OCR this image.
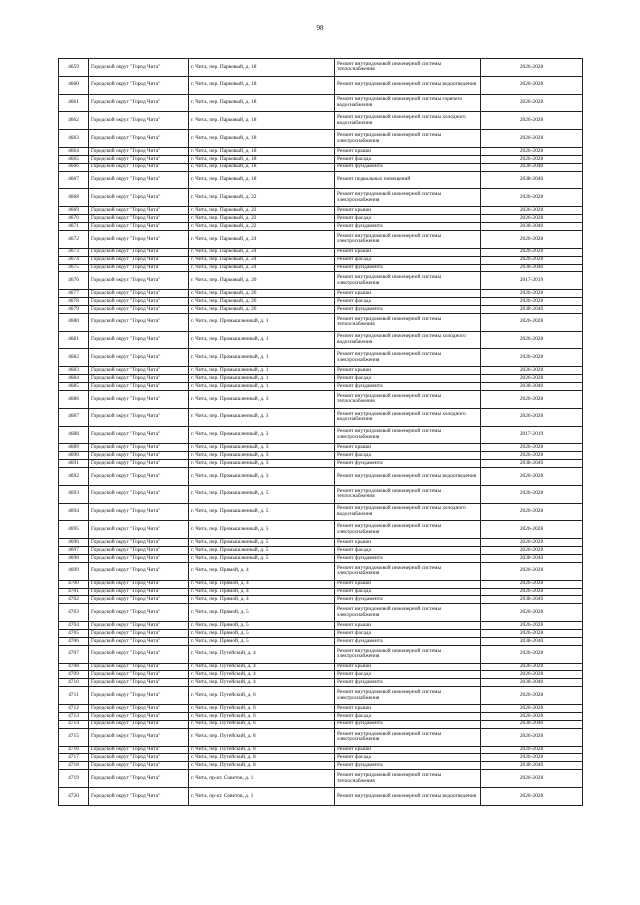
98
4659	Городской округ "Город Чита"	г. Чита, пер. Парковый, д. 18	Ремонт внутридомовой инженерной системы теплоснабжения	2026-2028
4660	Городской округ "Город Чита"	г. Чита, пер. Парковый, д. 18	Ремонт внутридомовой инженерной системы водоотведения	2026-2028
4661	Городской округ "Город Чита"	г. Чита, пер. Парковый, д. 18	Ремонт внутридомовой инженерной системы горячего водоснабжения	2026-2028
4662	Городской округ "Город Чита"	г. Чита, пер. Парковый, д. 18	Ремонт внутридомовой инженерной системы холодного водоснабжения	2026-2028
4663	Городской округ "Город Чита"	г. Чита, пер. Парковый, д. 18	Ремонт внутридомовой инженерной системы электроснабжения	2026-2028
4664	Городской округ "Город Чита"	г. Чита, пер. Парковый, д. 18	Ремонт крыши	2026-2028
4665	Городской округ "Город Чита"	г. Чита, пер. Парковый, д. 18	Ремонт фасада	2026-2028
4666	Городской округ "Город Чита"	г. Чита, пер. Парковый, д. 18	Ремонт фундамента	2038-2040
4667	Городской округ "Город Чита"	г. Чита, пер. Парковый, д. 18	Ремонт подвальных помещений	2038-2040
4668	Городской округ "Город Чита"	г. Чита, пер. Парковый, д. 22	Ремонт внутридомовой инженерной системы электроснабжения	2026-2028
4669	Городской округ "Город Чита"	г. Чита, пер. Парковый, д. 22	Ремонт крыши	2026-2028
4670	Городской округ "Город Чита"	г. Чита, пер. Парковый, д. 22	Ремонт фасада	2026-2028
4671	Городской округ "Город Чита"	г. Чита, пер. Парковый, д. 22	Ремонт фундамента	2038-2040
4672	Городской округ "Город Чита"	г. Чита, пер. Парковый, д. 24	Ремонт внутридомовой инженерной системы электроснабжения	2026-2028
4673	Городской округ "Город Чита"	г. Чита, пер. Парковый, д. 24	Ремонт крыши	2026-2028
4674	Городской округ "Город Чита"	г. Чита, пер. Парковый, д. 24	Ремонт фасада	2026-2028
4675	Городской округ "Город Чита"	г. Чита, пер. Парковый, д. 24	Ремонт фундамента	2038-2040
4676	Городской округ "Город Чита"	г. Чита, пер. Парковый, д. 26	Ремонт внутридомовой инженерной системы электроснабжения	2017-2019
4677	Городской округ "Город Чита"	г. Чита, пер. Парковый, д. 26	Ремонт крыши	2026-2028
4678	Городской округ "Город Чита"	г. Чита, пер. Парковый, д. 26	Ремонт фасада	2026-2028
4679	Городской округ "Город Чита"	г. Чита, пер. Парковый, д. 26	Ремонт фундамента	2038-2040
4680	Городской округ "Город Чита"	г. Чита, пер. Промышленный, д. 1	Ремонт внутридомовой инженерной системы теплоснабжения	2026-2028
4681	Городской округ "Город Чита"	г. Чита, пер. Промышленный, д. 1	Ремонт внутридомовой инженерной системы холодного водоснабжения	2026-2028
4682	Городской округ "Город Чита"	г. Чита, пер. Промышленный, д. 1	Ремонт внутридомовой инженерной системы электроснабжения	2026-2028
4683	Городской округ "Город Чита"	г. Чита, пер. Промышленный, д. 1	Ремонт крыши	2026-2028
4684	Городской округ "Город Чита"	г. Чита, пер. Промышленный, д. 1	Ремонт фасада	2026-2028
4685	Городской округ "Город Чита"	г. Чита, пер. Промышленный, д. 1	Ремонт фундамента	2038-2040
4686	Городской округ "Город Чита"	г. Чита, пер. Промышленный, д. 3	Ремонт внутридомовой инженерной системы теплоснабжения	2026-2028
4687	Городской округ "Город Чита"	г. Чита, пер. Промышленный, д. 3	Ремонт внутридомовой инженерной системы холодного водоснабжения	2026-2028
4688	Городской округ "Город Чита"	г. Чита, пер. Промышленный, д. 3	Ремонт внутридомовой инженерной системы электроснабжения	2017-2019
4689	Городской округ "Город Чита"	г. Чита, пер. Промышленный, д. 3	Ремонт крыши	2026-2028
4690	Городской округ "Город Чита"	г. Чита, пер. Промышленный, д. 3	Ремонт фасада	2026-2028
4691	Городской округ "Город Чита"	г. Чита, пер. Промышленный, д. 3	Ремонт фундамента	2038-2040
4692	Городской округ "Город Чита"	г. Чита, пер. Промышленный, д. 3	Ремонт внутридомовой инженерной системы водоотведения	2026-2028
4693	Городской округ "Город Чита"	г. Чита, пер. Промышленный, д. 5	Ремонт внутридомовой инженерной системы теплоснабжения	2026-2028
4694	Городской округ "Город Чита"	г. Чита, пер. Промышленный, д. 5	Ремонт внутридомовой инженерной системы холодного водоснабжения	2026-2028
4695	Городской округ "Город Чита"	г. Чита, пер. Промышленный, д. 5	Ремонт внутридомовой инженерной системы электроснабжения	2026-2028
4696	Городской округ "Город Чита"	г. Чита, пер. Промышленный, д. 5	Ремонт крыши	2026-2028
4697	Городской округ "Город Чита"	г. Чита, пер. Промышленный, д. 5	Ремонт фасада	2026-2028
4698	Городской округ "Город Чита"	г. Чита, пер. Промышленный, д. 5	Ремонт фундамента	2038-2040
4699	Городской округ "Город Чита"	г. Чита, пер. Прямой, д. 4	Ремонт внутридомовой инженерной системы электроснабжения	2026-2028
4700	Городской округ "Город Чита"	г. Чита, пер. Прямой, д. 4	Ремонт крыши	2026-2028
4701	Городской округ "Город Чита"	г. Чита, пер. Прямой, д. 4	Ремонт фасада	2026-2028
4702	Городской округ "Город Чита"	г. Чита, пер. Прямой, д. 4	Ремонт фундамента	2038-2040
4703	Городской округ "Город Чита"	г. Чита, пер. Прямой, д. 5	Ремонт внутридомовой инженерной системы электроснабжения	2026-2028
4704	Городской округ "Город Чита"	г. Чита, пер. Прямой, д. 5	Ремонт крыши	2026-2028
4705	Городской округ "Город Чита"	г. Чита, пер. Прямой, д. 5	Ремонт фасада	2026-2028
4706	Городской округ "Город Чита"	г. Чита, пер. Прямой, д. 5	Ремонт фундамента	2038-2040
4707	Городской округ "Город Чита"	г. Чита, пер. Путейский, д. 4	Ремонт внутридомовой инженерной системы электроснабжения	2026-2028
4708	Городской округ "Город Чита"	г. Чита, пер. Путейский, д. 4	Ремонт крыши	2026-2028
4709	Городской округ "Город Чита"	г. Чита, пер. Путейский, д. 4	Ремонт фасада	2026-2028
4710	Городской округ "Город Чита"	г. Чита, пер. Путейский, д. 4	Ремонт фундамента	2038-2040
4711	Городской округ "Город Чита"	г. Чита, пер. Путейский, д. 6	Ремонт внутридомовой инженерной системы электроснабжения	2026-2028
4712	Городской округ "Город Чита"	г. Чита, пер. Путейский, д. 6	Ремонт крыши	2026-2028
4713	Городской округ "Город Чита"	г. Чита, пер. Путейский, д. 6	Ремонт фасада	2026-2028
4714	Городской округ "Город Чита"	г. Чита, пер. Путейский, д. 6	Ремонт фундамента	2038-2040
4715	Городской округ "Город Чита"	г. Чита, пер. Путейский, д. 8	Ремонт внутридомовой инженерной системы электроснабжения	2026-2028
4716	Городской округ "Город Чита"	г. Чита, пер. Путейский, д. 8	Ремонт крыши	2026-2028
4717	Городской округ "Город Чита"	г. Чита, пер. Путейский, д. 8	Ремонт фасада	2026-2028
4718	Городской округ "Город Чита"	г. Чита, пер. Путейский, д. 8	Ремонт фундамента	2038-2040
4719	Городской округ "Город Чита"	г. Чита, пр-кт. Советов, д. 1	Ремонт внутридомовой инженерной системы теплоснабжения	2026-2028
4720	Городской округ "Город Чита"	г. Чита, пр-кт. Советов, д. 1	Ремонт внутридомовой инженерной системы водоотведения	2026-2028
